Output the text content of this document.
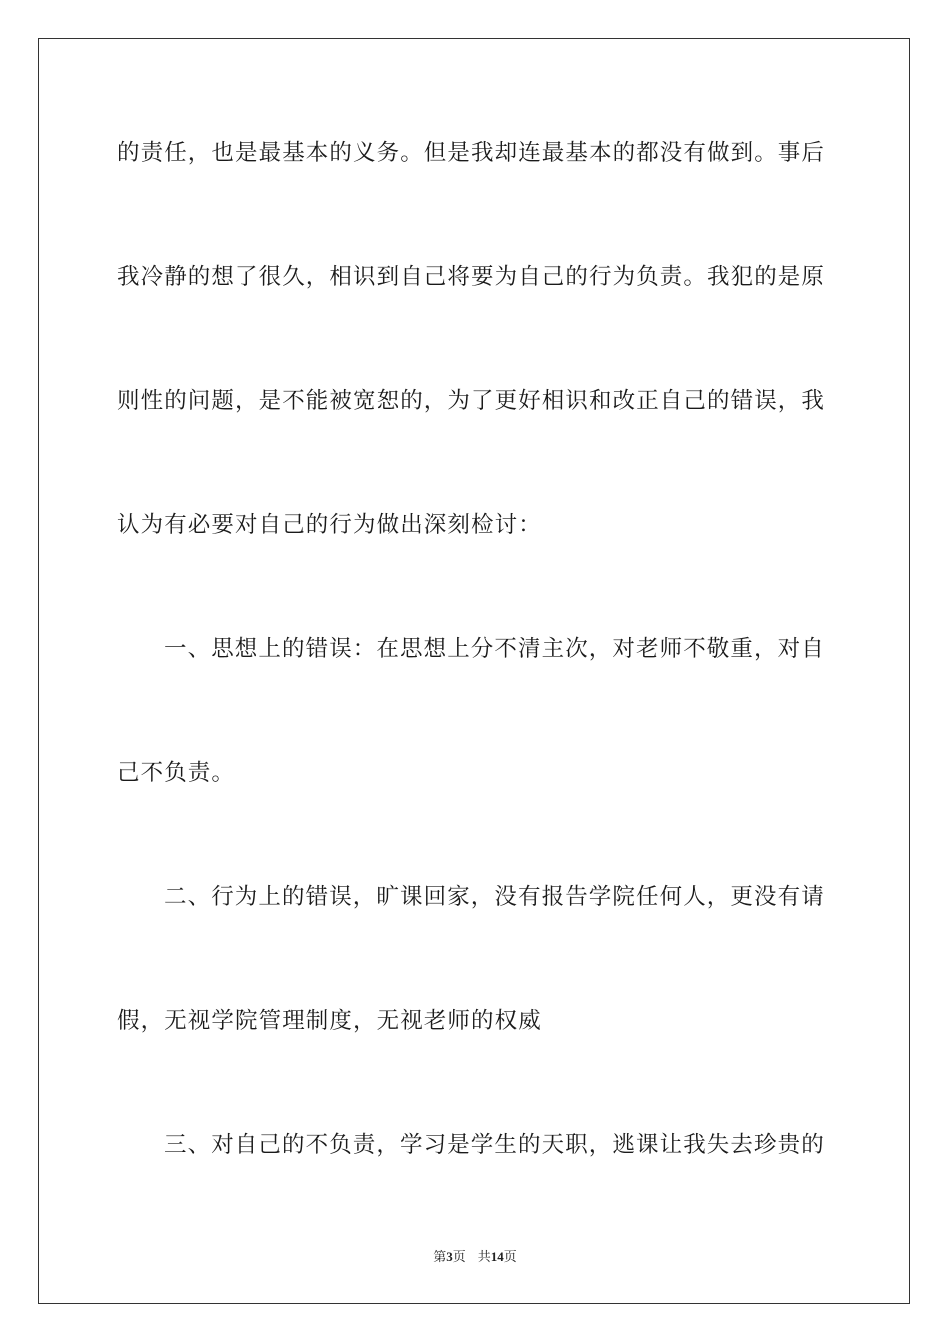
的责任，也是最基本的义务。但是我却连最基本的都没有做到。事后
我冷静的想了很久，相识到自己将要为自己的行为负责。我犯的是原
则性的问题，是不能被宽恕的，为了更好相识和改正自己的错误，我
认为有必要对自己的行为做出深刻检讨：
一、思想上的错误：在思想上分不清主次，对老师不敬重，对自
己不负责。
二、行为上的错误，旷课回家，没有报告学院任何人，更没有请
假，无视学院管理制度，无视老师的权威
三、对自己的不负责，学习是学生的天职，逃课让我失去珍贵的
第3页 共14页
